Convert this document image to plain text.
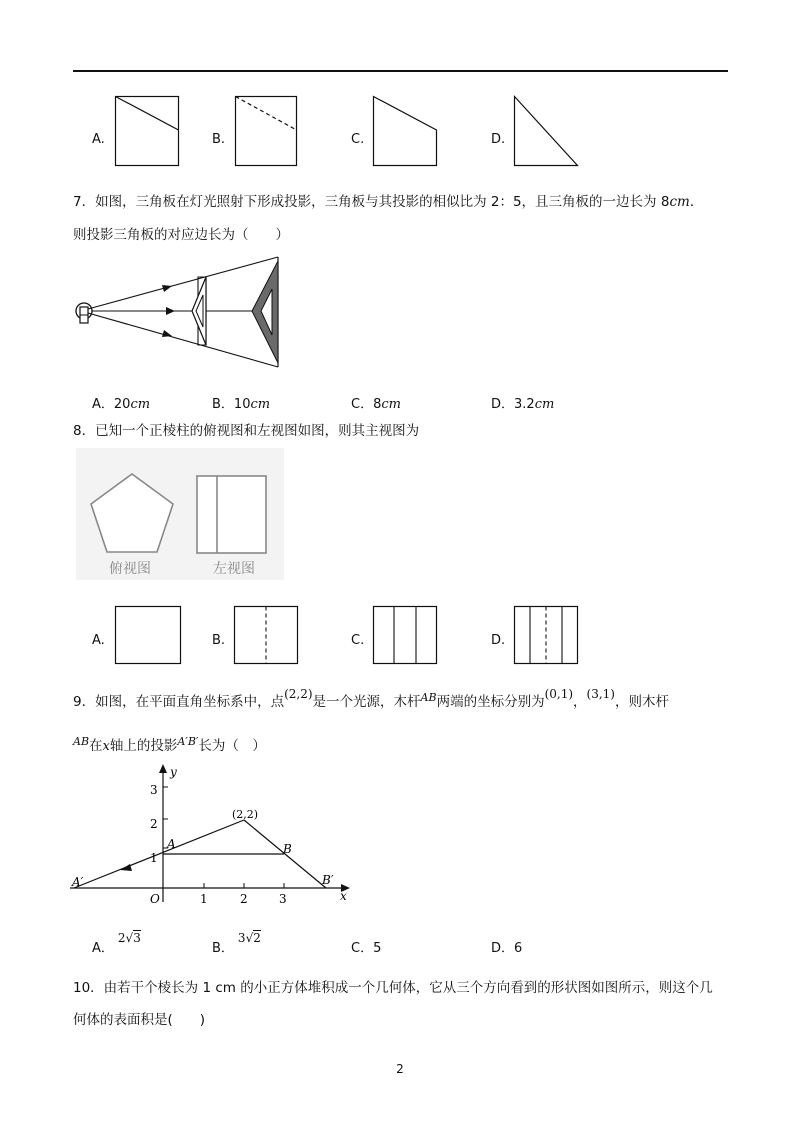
A.	B.	C.	D.
7．如图，三角板在灯光照射下形成投影，三角板与其投影的相似比为 2：5，且三角板的一边长为 8cm．
则投影三角板的对应边长为（　　）
A．20cm	B．10cm	C．8cm	D．3.2cm
8．已知一个正棱柱的俯视图和左视图如图，则其主视图为
俯视图	左视图
A.	B.	C.	D.
9．如图，在平面直角坐标系中，点(2,2)是一个光源，木杆$^{AB}$两端的坐标分别为(0,1)，(3,1)，则木杆
$^{AB}$在x轴上的投影$^{A'B'}$长为（　）
y
x
O
1
2
3
1	2	3
(2,2)
A	B
A′	B′
A．2√3
B．3√2
C．5	D．6
10．由若干个棱长为 1 cm 的小正方体堆积成一个几何体，它从三个方向看到的形状图如图所示，则这个几
何体的表面积是(　　)
2
